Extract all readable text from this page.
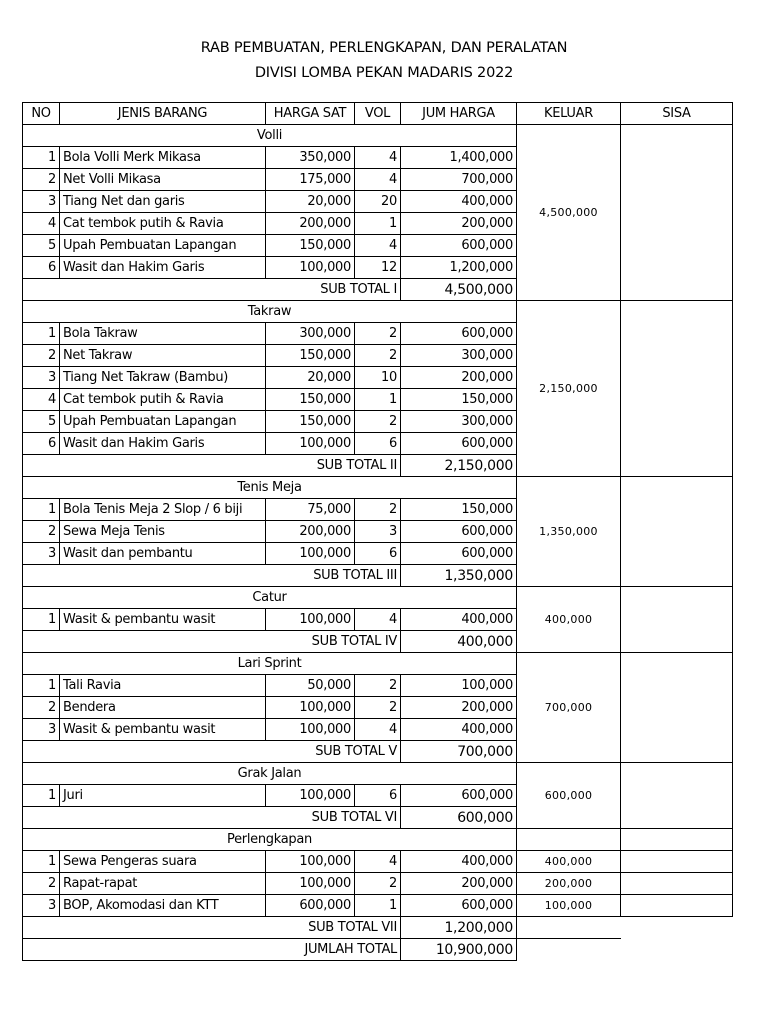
RAB PEMBUATAN, PERLENGKAPAN, DAN PERALATAN
DIVISI LOMBA PEKAN MADARIS 2022
NO	JENIS BARANG	HARGA SAT	VOL	JUM HARGA	KELUAR	SISA
Volli					4,500,000	
1	Bola Volli Merk Mikasa	350,000	4	1,400,000		
2	Net Volli Mikasa	175,000	4	700,000		
3	Tiang Net dan garis	20,000	20	400,000		
4	Cat tembok putih & Ravia	200,000	1	200,000		
5	Upah Pembuatan Lapangan	150,000	4	600,000		
6	Wasit dan Hakim Garis	100,000	12	1,200,000		
SUB TOTAL I				4,500,000		
Takraw					2,150,000	
1	Bola Takraw	300,000	2	600,000		
2	Net Takraw	150,000	2	300,000		
3	Tiang Net Takraw (Bambu)	20,000	10	200,000		
4	Cat tembok putih & Ravia	150,000	1	150,000		
5	Upah Pembuatan Lapangan	150,000	2	300,000		
6	Wasit dan Hakim Garis	100,000	6	600,000		
SUB TOTAL II				2,150,000		
Tenis Meja					1,350,000	
1	Bola Tenis Meja 2 Slop / 6 biji	75,000	2	150,000		
2	Sewa Meja Tenis	200,000	3	600,000		
3	Wasit dan pembantu	100,000	6	600,000		
SUB TOTAL III				1,350,000		
Catur					400,000	
1	Wasit & pembantu wasit	100,000	4	400,000		
SUB TOTAL IV				400,000		
Lari Sprint					700,000	
1	Tali Ravia	50,000	2	100,000		
2	Bendera	100,000	2	200,000		
3	Wasit & pembantu wasit	100,000	4	400,000		
SUB TOTAL V				700,000		
Grak Jalan					600,000	
1	Juri	100,000	6	600,000		
SUB TOTAL VI				600,000		
Perlengkapan						
1	Sewa Pengeras suara	100,000	4	400,000	400,000	
2	Rapat-rapat	100,000	2	200,000	200,000	
3	BOP, Akomodasi dan KTT	600,000	1	600,000	100,000	
SUB TOTAL VII				1,200,000		
JUMLAH TOTAL				10,900,000		
